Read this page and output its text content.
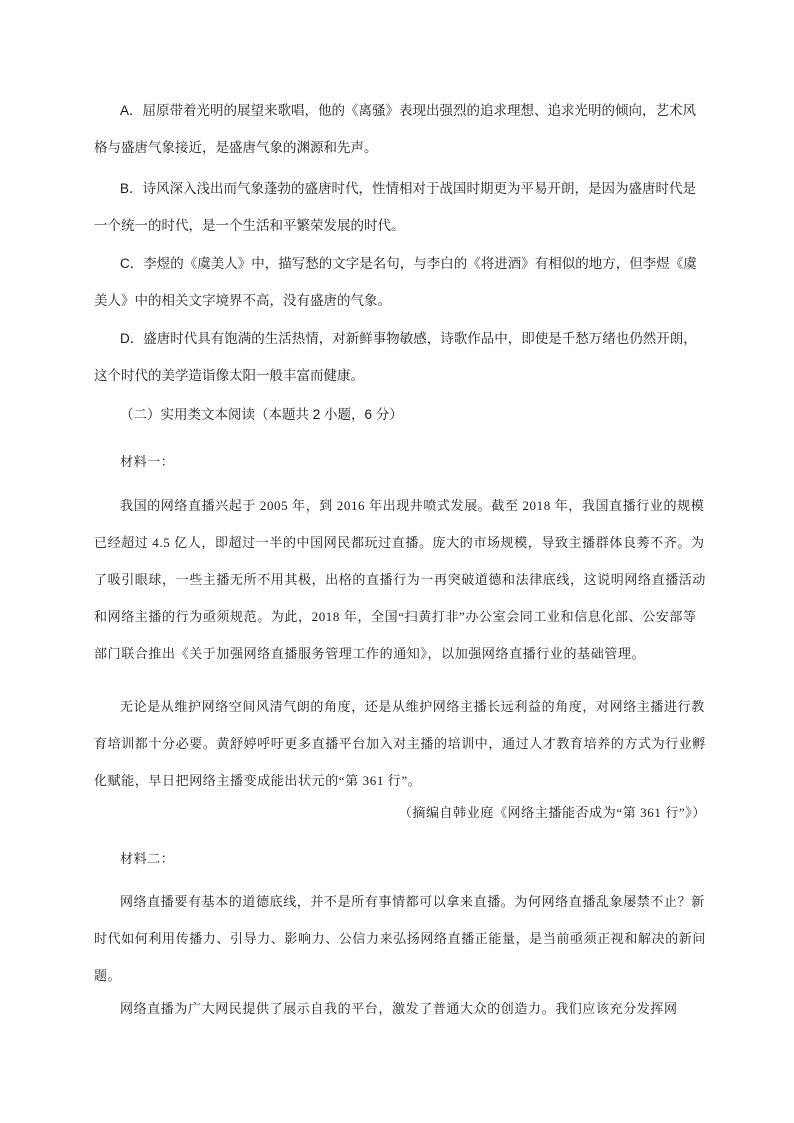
A．屈原带着光明的展望来歌唱，他的《离骚》表现出强烈的追求理想、追求光明的倾向，艺术风格与盛唐气象接近，是盛唐气象的渊源和先声。
B．诗风深入浅出而气象蓬勃的盛唐时代，性情相对于战国时期更为平易开朗，是因为盛唐时代是一个统一的时代，是一个生活和平繁荣发展的时代。
C．李煜的《虞美人》中，描写愁的文字是名句，与李白的《将进酒》有相似的地方，但李煜《虞美人》中的相关文字境界不高，没有盛唐的气象。
D．盛唐时代具有饱满的生活热情，对新鲜事物敏感，诗歌作品中，即使是千愁万绪也仍然开朗，这个时代的美学造诣像太阳一般丰富而健康。
（二）实用类文本阅读（本题共 2 小题，6 分）
材料一：
我国的网络直播兴起于 2005 年，到 2016 年出现井喷式发展。截至 2018 年，我国直播行业的规模已经超过 4.5 亿人，即超过一半的中国网民都玩过直播。庞大的市场规模，导致主播群体良莠不齐。为了吸引眼球，一些主播无所不用其极，出格的直播行为一再突破道德和法律底线，这说明网络直播活动和网络主播的行为亟须规范。为此，2018 年，全国“扫黄打非”办公室会同工业和信息化部、公安部等部门联合推出《关于加强网络直播服务管理工作的通知》，以加强网络直播行业的基础管理。
无论是从维护网络空间风清气朗的角度，还是从维护网络主播长远利益的角度，对网络主播进行教育培训都十分必要。黄舒婷呼吁更多直播平台加入对主播的培训中，通过人才教育培养的方式为行业孵化赋能，早日把网络主播变成能出状元的“第 361 行”。
（摘编自韩业庭《网络主播能否成为“第 361 行”》）
材料二：
网络直播要有基本的道德底线，并不是所有事情都可以拿来直播。为何网络直播乱象屡禁不止？新时代如何利用传播力、引导力、影响力、公信力来弘扬网络直播正能量，是当前亟须正视和解决的新问题。
网络直播为广大网民提供了展示自我的平台，激发了普通大众的创造力。我们应该充分发挥网
